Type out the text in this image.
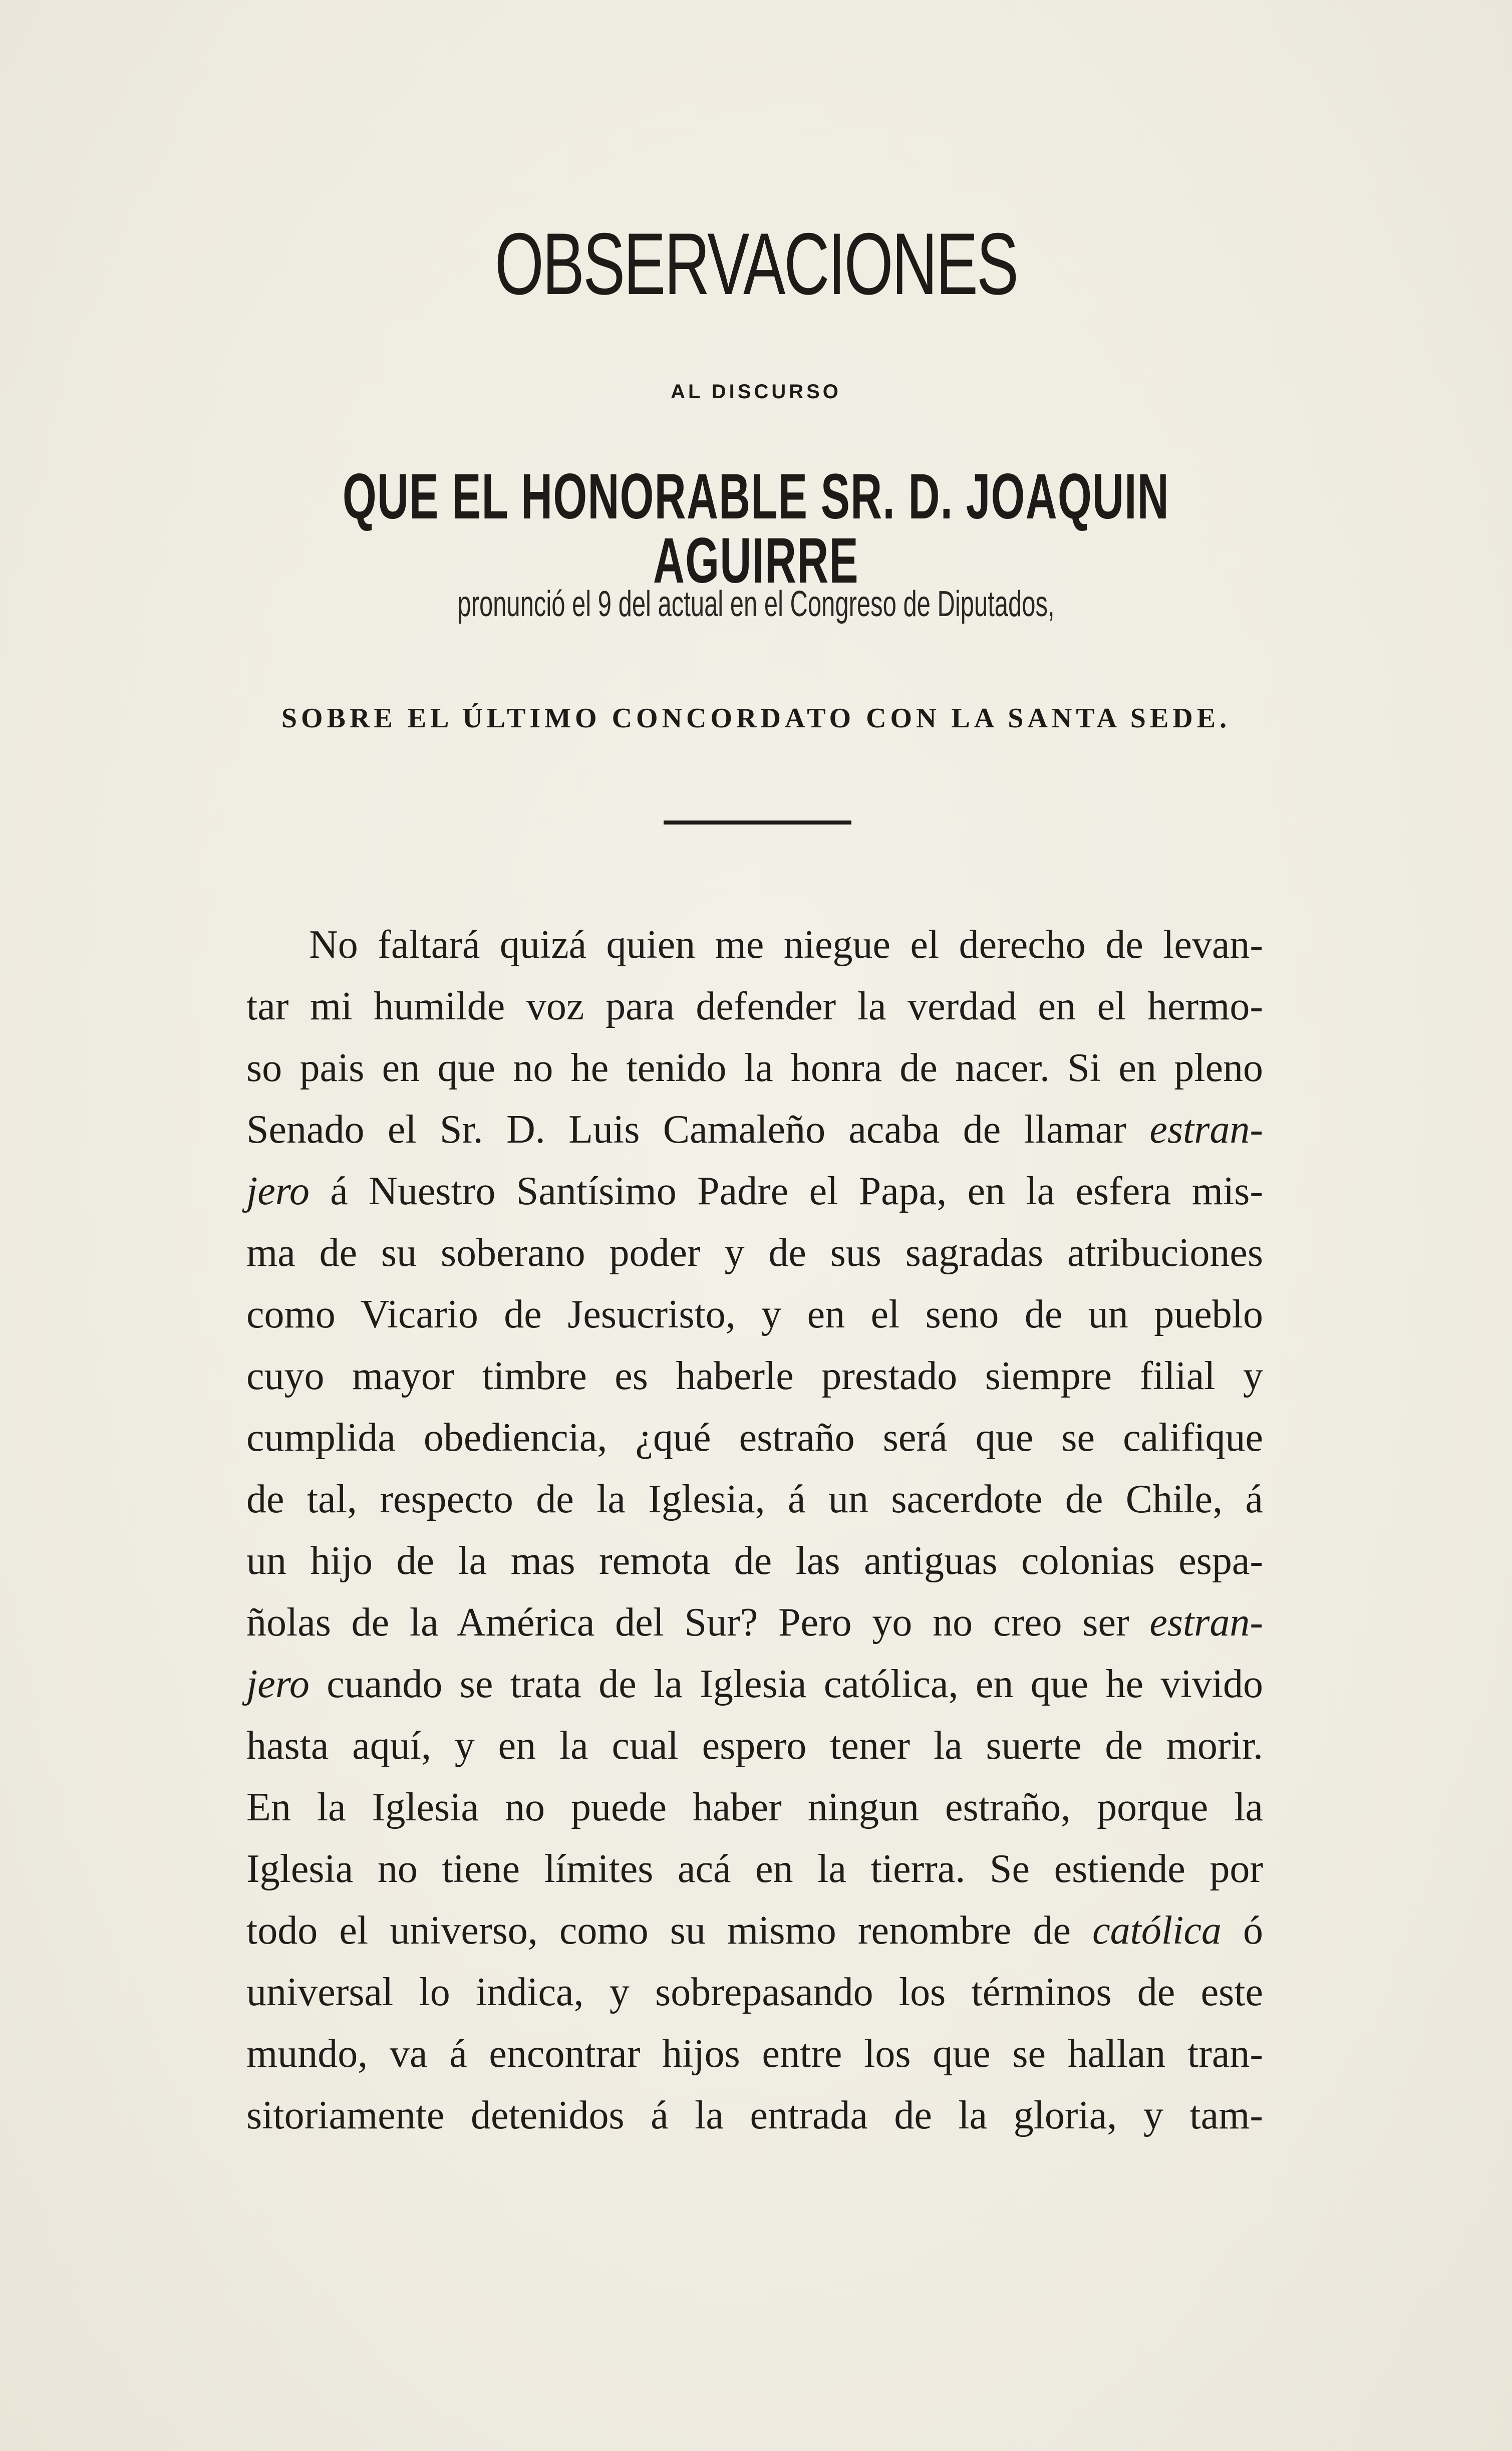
OBSERVACIONES
AL DISCURSO
QUE EL HONORABLE SR. D. JOAQUIN AGUIRRE
pronunció el 9 del actual en el Congreso de Diputados,
SOBRE EL ÚLTIMO CONCORDATO CON LA SANTA SEDE.
No faltará quizá quien me niegue el derecho de levan-
tar mi humilde voz para defender la verdad en el hermo-
so pais en que no he tenido la honra de nacer. Si en pleno
Senado el Sr. D. Luis Camaleño acaba de llamar estran-
jero á Nuestro Santísimo Padre el Papa, en la esfera mis-
ma de su soberano poder y de sus sagradas atribuciones
como Vicario de Jesucristo, y en el seno de un pueblo
cuyo mayor timbre es haberle prestado siempre filial y
cumplida obediencia, ¿qué estraño será que se califique
de tal, respecto de la Iglesia, á un sacerdote de Chile, á
un hijo de la mas remota de las antiguas colonias espa-
ñolas de la América del Sur? Pero yo no creo ser estran-
jero cuando se trata de la Iglesia católica, en que he vivido
hasta aquí, y en la cual espero tener la suerte de morir.
En la Iglesia no puede haber ningun estraño, porque la
Iglesia no tiene límites acá en la tierra. Se estiende por
todo el universo, como su mismo renombre de católica ó
universal lo indica, y sobrepasando los términos de este
mundo, va á encontrar hijos entre los que se hallan tran-
sitoriamente detenidos á la entrada de la gloria, y tam-
